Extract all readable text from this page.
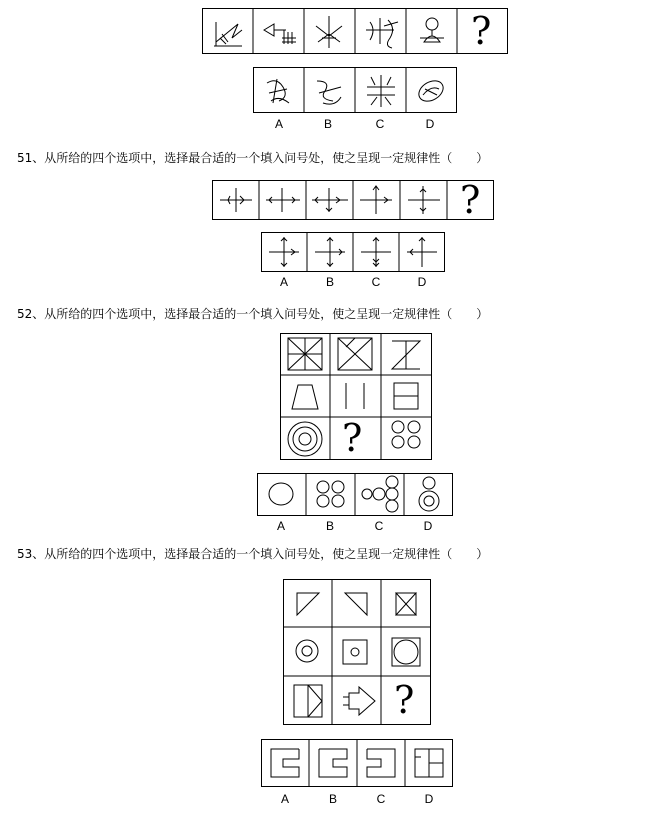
?
A	B	C	D
51、从所给的四个选项中，选择最合适的一个填入问号处，使之呈现一定规律性（　　）
?
A	B	C	D
52、从所给的四个选项中，选择最合适的一个填入问号处，使之呈现一定规律性（　　）
?
A	B	C	D
53、从所给的四个选项中，选择最合适的一个填入问号处，使之呈现一定规律性（　　）
?
A	B	C	D
